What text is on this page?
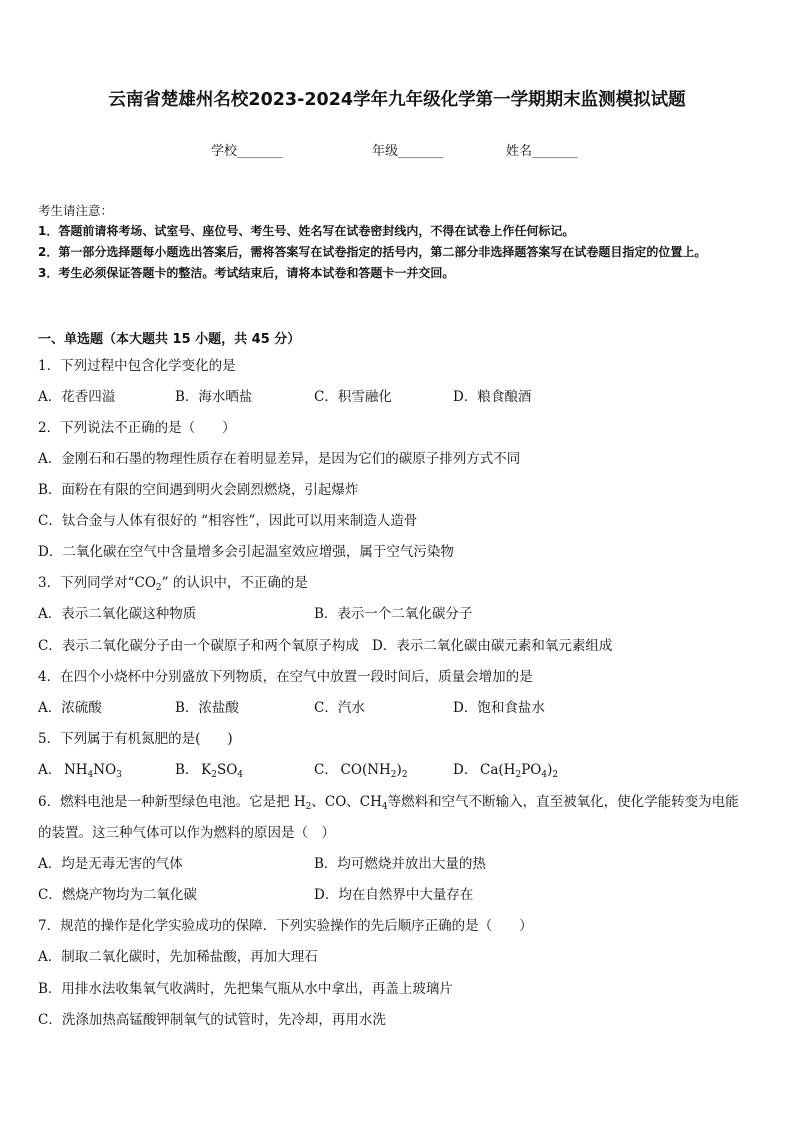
云南省楚雄州名校2023-2024学年九年级化学第一学期期末监测模拟试题
学校_______	年级_______	姓名_______
考生请注意：
1．答题前请将考场、试室号、座位号、考生号、姓名写在试卷密封线内，不得在试卷上作任何标记。
2．第一部分选择题每小题选出答案后，需将答案写在试卷指定的括号内，第二部分非选择题答案写在试卷题目指定的位置上。
3．考生必须保证答题卡的整洁。考试结束后，请将本试卷和答题卡一并交回。
一、单选题（本大题共 15 小题，共 45 分）
1．下列过程中包含化学变化的是
A．花香四溢	B．海水晒盐	C．积雪融化	D．粮食酿酒
2．下列说法不正确的是（　　）
A．金刚石和石墨的物理性质存在着明显差异，是因为它们的碳原子排列方式不同
B．面粉在有限的空间遇到明火会剧烈燃烧，引起爆炸
C．钛合金与人体有很好的 “相容性”，因此可以用来制造人造骨
D．二氧化碳在空气中含量增多会引起温室效应增强，属于空气污染物
3．下列同学对“$CO_2$” 的认识中，不正确的是
A．表示二氧化碳这种物质	B．表示一个二氧化碳分子
C．表示二氧化碳分子由一个碳原子和两个氧原子构成 D．表示二氧化碳由碳元素和氧元素组成
4．在四个小烧杯中分别盛放下列物质，在空气中放置一段时间后，质量会增加的是
A．浓硫酸	B．浓盐酸	C．汽水	D．饱和食盐水
5．下列属于有机氮肥的是(　　)
A．  $NH_4NO_3$	B．  $K_2SO_4$	C．  $CO(NH_2)_2$	D．  $Ca(H_2PO_4)_2$
6．燃料电池是一种新型绿色电池。它是把 $H_2$、CO、$CH_4$等燃料和空气不断输入，直至被氧化，使化学能转变为电能
的装置。这三种气体可以作为燃料的原因是（　）
A．均是无毒无害的气体	B．均可燃烧并放出大量的热
C．燃烧产物均为二氧化碳	D．均在自然界中大量存在
7．规范的操作是化学实验成功的保障．下列实验操作的先后顺序正确的是（　　）
A．制取二氧化碳时，先加稀盐酸，再加大理石
B．用排水法收集氧气收满时，先把集气瓶从水中拿出，再盖上玻璃片
C．洗涤加热高锰酸钾制氧气的试管时，先冷却，再用水洗
